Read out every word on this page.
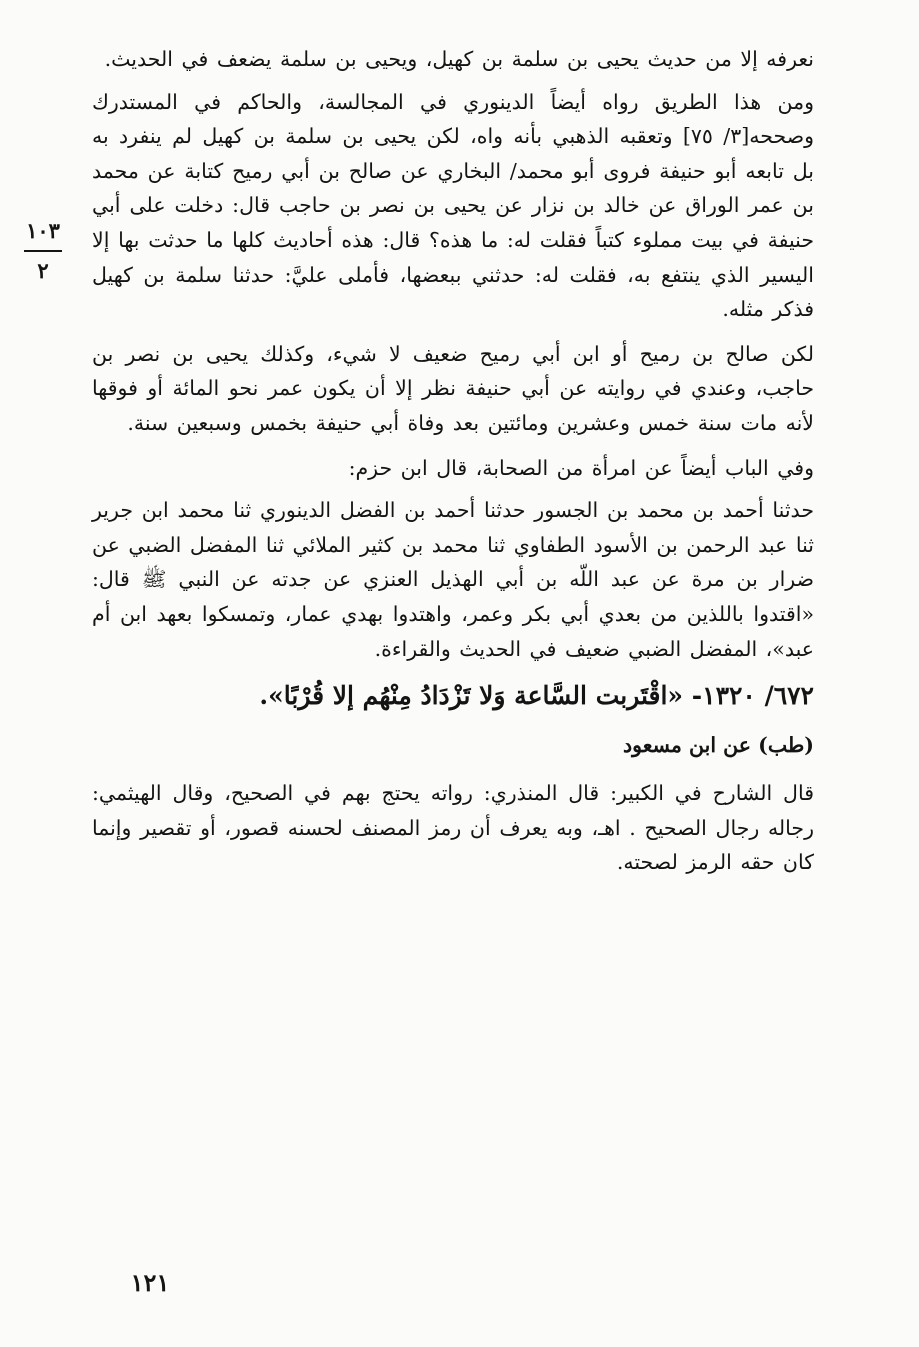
نعرفه إلا من حديث يحيى بن سلمة بن كهيل، ويحيى بن سلمة يضعف في الحديث.

ومن هذا الطريق رواه أيضاً الدينوري في المجالسة، والحاكم في المستدرك وصححه[٣/ ٧٥] وتعقبه الذهبي بأنه واه، لكن يحيى بن سلمة بن كهيل لم ينفرد به بل تابعه أبو حنيفة فروى أبو محمد/ البخاري عن صالح بن أبي رميح كتابة عن محمد بن عمر الوراق عن خالد بن نزار عن يحيى بن نصر بن حاجب قال: دخلت على أبي حنيفة في بيت مملوء كتباً فقلت له: ما هذه؟ قال: هذه أحاديث كلها ما حدثت بها إلا اليسير الذي ينتفع به، فقلت له: حدثني ببعضها، فأملى عليَّ: حدثنا سلمة بن كهيل فذكر مثله.

لكن صالح بن رميح أو ابن أبي رميح ضعيف لا شيء، وكذلك يحيى بن نصر بن حاجب، وعندي في روايته عن أبي حنيفة نظر إلا أن يكون عمر نحو المائة أو فوقها لأنه مات سنة خمس وعشرين ومائتين بعد وفاة أبي حنيفة بخمس وسبعين سنة.

وفي الباب أيضاً عن امرأة من الصحابة، قال ابن حزم:

حدثنا أحمد بن محمد بن الجسور حدثنا أحمد بن الفضل الدينوري ثنا محمد ابن جرير ثنا عبد الرحمن بن الأسود الطفاوي ثنا محمد بن كثير الملائي ثنا المفضل الضبي عن ضرار بن مرة عن عبد اللّه بن أبي الهذيل العنزي عن جدته عن النبي ﷺ قال: «اقتدوا باللذين من بعدي أبي بكر وعمر، واهتدوا بهدي عمار، وتمسكوا بعهد ابن أم عبد»، المفضل الضبي ضعيف في الحديث والقراءة.

٦٧٢/ ١٣٢٠- «اقْتَربت السَّاعة وَلا تَزْدَادُ مِنْهُم إلا قُرْبًا».

(طب) عن ابن مسعود

قال الشارح في الكبير: قال المنذري: رواته يحتج بهم في الصحيح، وقال الهيثمي: رجاله رجال الصحيح . اهـ، وبه يعرف أن رمز المصنف لحسنه قصور، أو تقصير وإنما كان حقه الرمز لصحته.

١٠٣
٢
١٢١
